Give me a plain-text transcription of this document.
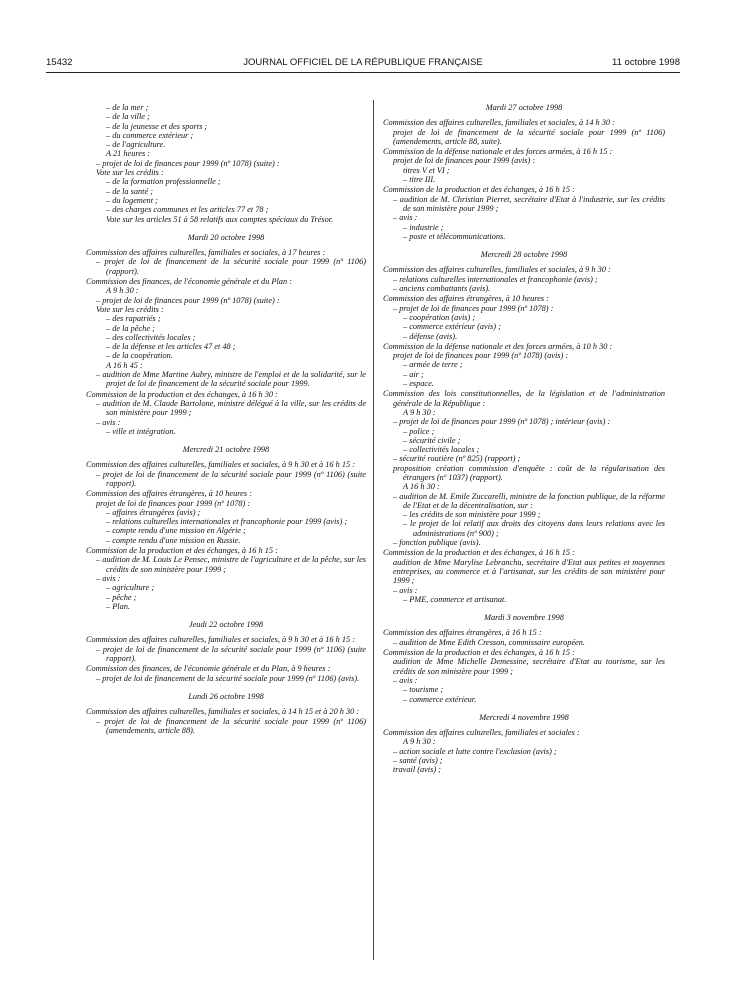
15432	JOURNAL OFFICIEL DE LA RÉPUBLIQUE FRANÇAISE	11 octobre 1998
– de la mer ;
– de la ville ;
– de la jeunesse et des sports ;
– du commerce extérieur ;
– de l'agriculture.
A 21 heures :
– projet de loi de finances pour 1999 (nº 1078) (suite) :
Vote sur les crédits :
– de la formation professionnelle ;
– de la santé ;
– du logement ;
– des charges communes et les articles 77 et 78 ;
Vote sur les articles 51 à 58 relatifs aux comptes spéciaux du Trésor.
Mardi 20 octobre 1998
Commission des affaires culturelles, familiales et sociales, à 17 heures :
– projet de loi de financement de la sécurité sociale pour 1999 (nº 1106) (rapport).
Commission des finances, de l'économie générale et du Plan :
A 9 h 30 :
– projet de loi de finances pour 1999 (nº 1078) (suite) :
Vote sur les crédits :
– des rapatriés ;
– de la pêche ;
– des collectivités locales ;
– de la défense et les articles 47 et 48 ;
– de la coopération.
A 16 h 45 :
– audition de Mme Martine Aubry, ministre de l'emploi et de la solidarité, sur le projet de loi de financement de la sécurité sociale pour 1999.
Commission de la production et des échanges, à 16 h 30 :
– audition de M. Claude Bartolone, ministre délégué à la ville, sur les crédits de son ministère pour 1999 ;
– avis :
– ville et intégration.
Mercredi 21 octobre 1998
Commission des affaires culturelles, familiales et sociales, à 9 h 30 et à 16 h 15 :
– projet de loi de financement de la sécurité sociale pour 1999 (nº 1106) (suite rapport).
Commission des affaires étrangères, à 10 heures :
projet de loi de finances pour 1999 (nº 1078) :
– affaires étrangères (avis) ;
– relations culturelles internationales et francophonie pour 1999 (avis) ;
– compte rendu d'une mission en Algérie ;
– compte rendu d'une mission en Russie.
Commission de la production et des échanges, à 16 h 15 :
– audition de M. Louis Le Pensec, ministre de l'agriculture et de la pêche, sur les crédits de son ministère pour 1999 ;
– avis :
– agriculture ;
– pêche ;
– Plan.
Jeudi 22 octobre 1998
Commission des affaires culturelles, familiales et sociales, à 9 h 30 et à 16 h 15 :
– projet de loi de financement de la sécurité sociale pour 1999 (nº 1106) (suite rapport).
Commission des finances, de l'économie générale et du Plan, à 9 heures :
– projet de loi de financement de la sécurité sociale pour 1999 (nº 1106) (avis).
Lundi 26 octobre 1998
Commission des affaires culturelles, familiales et sociales, à 14 h 15 et à 20 h 30 :
– projet de loi de financement de la sécurité sociale pour 1999 (nº 1106) (amendements, article 88).
Mardi 27 octobre 1998
Commission des affaires culturelles, familiales et sociales, à 14 h 30 :
projet de loi de financement de la sécurité sociale pour 1999 (nº 1106) (amendements, article 88, suite).
Commission de la défense nationale et des forces armées, à 16 h 15 :
projet de loi de finances pour 1999 (avis) :
titres V et VI ;
– titre III.
Commission de la production et des échanges, à 16 h 15 :
– audition de M. Christian Pierret, secrétaire d'Etat à l'industrie, sur les crédits de son ministère pour 1999 ;
– avis :
– industrie ;
– poste et télécommunications.
Mercredi 28 octobre 1998
Commission des affaires culturelles, familiales et sociales, à 9 h 30 :
– relations culturelles internationales et francophonie (avis) ;
– anciens combattants (avis).
Commission des affaires étrangères, à 10 heures :
– projet de loi de finances pour 1999 (nº 1078) :
– coopération (avis) ;
– commerce extérieur (avis) ;
– défense (avis).
Commission de la défense nationale et des forces armées, à 10 h 30 :
projet de loi de finances pour 1999 (nº 1078) (avis) :
– armée de terre ;
– air ;
– espace.
Commission des lois constitutionnelles, de la législation et de l'administration générale de la République :
A 9 h 30 :
– projet de loi de finances pour 1999 (nº 1078) ; intérieur (avis) :
– police ;
– sécurité civile ;
– collectivités locales ;
– sécurité routière (nº 825) (rapport) ;
proposition création commission d'enquête : coût de la régularisation des étrangers (nº 1037) (rapport).
A 16 h 30 :
– audition de M. Emile Zuccarelli, ministre de la fonction publique, de la réforme de l'Etat et de la décentralisation, sur :
– les crédits de son ministère pour 1999 ;
– le projet de loi relatif aux droits des citoyens dans leurs relations avec les administrations (nº 900) ;
– fonction publique (avis).
Commission de la production et des échanges, à 16 h 15 :
audition de Mme Marylise Lebranchu, secrétaire d'Etat aux petites et moyennes entreprises, au commerce et à l'artisanat, sur les crédits de son ministère pour 1999 ;
– avis :
– PME, commerce et artisanat.
Mardi 3 novembre 1998
Commission des affaires étrangères, à 16 h 15 :
– audition de Mme Edith Cresson, commissaire européen.
Commission de la production et des échanges, à 16 h 15 :
audition de Mme Michelle Demessine, secrétaire d'Etat au tourisme, sur les crédits de son ministère pour 1999 ;
– avis :
– tourisme ;
– commerce extérieur.
Mercredi 4 novembre 1998
Commission des affaires culturelles, familiales et sociales :
A 9 h 30 :
– action sociale et lutte contre l'exclusion (avis) ;
– santé (avis) ;
travail (avis) ;
